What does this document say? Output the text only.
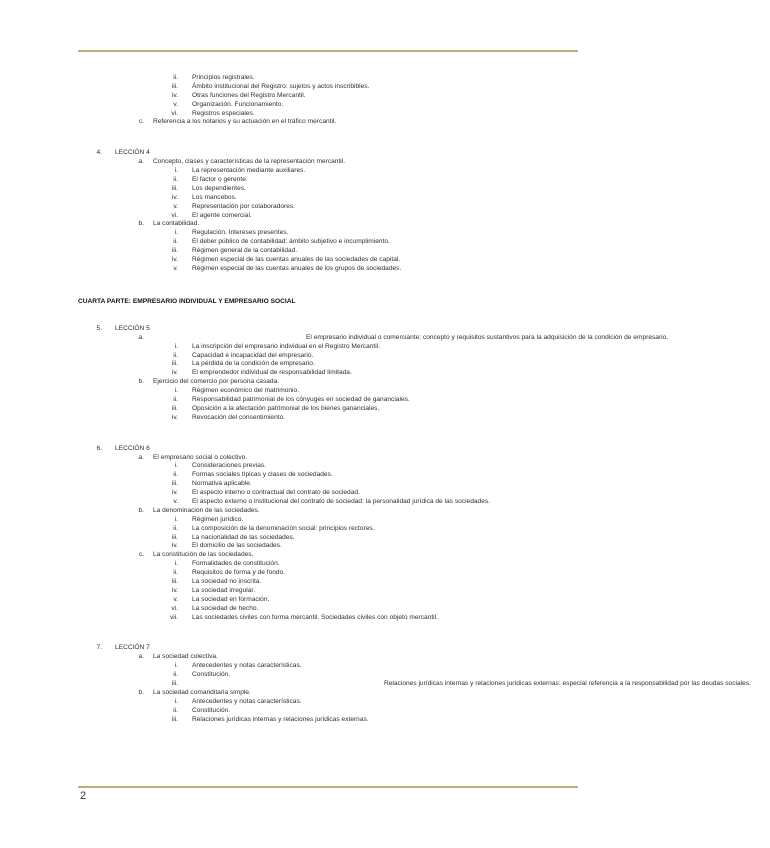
ii. Principios registrales.
iii. Ámbito institucional del Registro: sujetos y actos inscribibles.
iv. Otras funciones del Registro Mercantil.
v. Organización. Funcionamiento.
vi. Registros especiales.
c. Referencia a los notarios y su actuación en el tráfico mercantil.
4. LECCIÓN 4
a. Concepto, clases y características de la representación mercantil.
i. La representación mediante auxiliares.
ii. El factor o gerente.
iii. Los dependientes.
iv. Los mancebos.
v. Representación por colaboradores.
vi. El agente comercial.
b. La contabilidad.
i. Regulación. Intereses presentes.
ii. El deber público de contabilidad: ámbito subjetivo e incumplimiento.
iii. Régimen general de la contabilidad.
iv. Régimen especial de las cuentas anuales de las sociedades de capital.
v. Régimen especial de las cuentas anuales de los grupos de sociedades.
CUARTA PARTE: EMPRESARIO INDIVIDUAL Y EMPRESARIO SOCIAL
5. LECCIÓN 5
a.	El empresario individual o comerciante: concepto y requisitos sustantivos para la adquisición de la condición de empresario.
i. La inscripción del empresario individual en el Registro Mercantil.
ii. Capacidad e incapacidad del empresario.
iii. La pérdida de la condición de empresario.
iv. El emprendedor individual de responsabilidad limitada.
b. Ejercicio del comercio por persona casada.
i. Régimen económico del matrimonio.
ii. Responsabilidad patrimonial de los cónyuges en sociedad de gananciales.
iii. Oposición a la afectación patrimonial de los bienes gananciales.
iv. Revocación del consentimiento.
6. LECCIÓN 6
a. El empresario social o colectivo.
i. Consideraciones previas.
ii. Formas sociales típicas y clases de sociedades.
iii. Normativa aplicable.
iv. El aspecto interno o contractual del contrato de sociedad.
v. El aspecto externo o institucional del contrato de sociedad: la personalidad jurídica de las sociedades.
b. La denominación de las sociedades.
i. Régimen jurídico.
ii. La composición de la denominación social: principios rectores.
iii. La nacionalidad de las sociedades.
iv. El domicilio de las sociedades.
c. La constitución de las sociedades.
i. Formalidades de constitución.
ii. Requisitos de forma y de fondo.
iii. La sociedad no inscrita.
iv. La sociedad irregular.
v. La sociedad en formación.
vi. La sociedad de hecho.
vii. Las sociedades civiles con forma mercantil. Sociedades civiles con objeto mercantil.
7. LECCIÓN 7
a. La sociedad colectiva.
i. Antecedentes y notas características.
ii. Constitución.
iii.	Relaciones jurídicas internas y relaciones jurídicas externas: especial referencia a la responsabilidad por las deudas sociales.
b. La sociedad comanditaria simple.
i. Antecedentes y notas características.
ii. Constitución.
iii. Relaciones jurídicas internas y relaciones jurídicas externas.
2
